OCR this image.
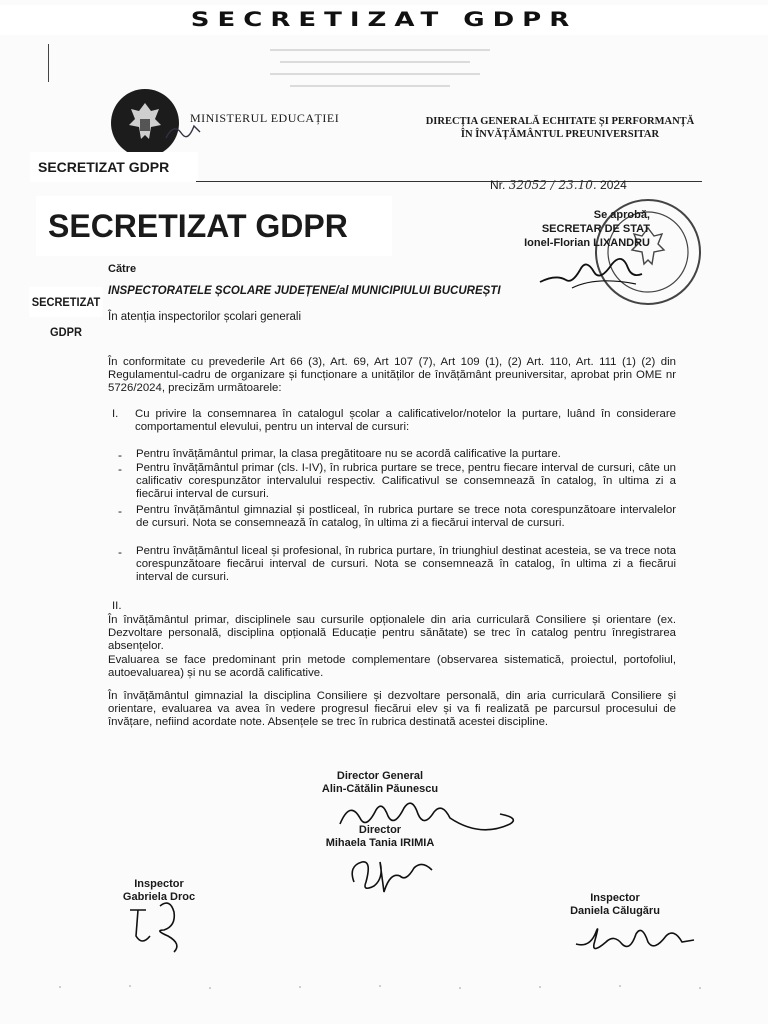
SECRETIZAT GDPR
MINISTERUL EDUCAȚIEI	DIRECȚIA GENERALĂ ECHITATE ȘI PERFORMANȚĂ
ÎN ÎNVĂȚĂMÂNTUL PREUNIVERSITAR
SECRETIZAT GDPR
Nr. 32052 / 23.10. 2024
SECRETIZAT GDPR	Se aprobă,
SECRETAR DE STAT
Ionel-Florian LIXANDRU
SECRETIZAT GDPR
Către
INSPECTORATELE ȘCOLARE JUDEȚENE/al MUNICIPIULUI BUCUREȘTI
În atenția inspectorilor școlari generali

În conformitate cu prevederile Art 66 (3), Art. 69, Art 107 (7), Art 109 (1), (2) Art. 110, Art. 111 (1) (2) din Regulamentul-cadru de organizare și funcționare a unităților de învățământ preuniversitar, aprobat prin OME nr 5726/2024, precizăm următoarele:

I. Cu privire la consemnarea în catalogul școlar a calificativelor/notelor la purtare, luând în considerare comportamentul elevului, pentru un interval de cursuri:
- Pentru învățământul primar, la clasa pregătitoare nu se acordă calificative la purtare.
- Pentru învățământul primar (cls. I-IV), în rubrica purtare se trece, pentru fiecare interval de cursuri, câte un calificativ corespunzător intervalului respectiv. Calificativul se consemnează în catalog, în ultima zi a fiecărui interval de cursuri.
- Pentru învățământul gimnazial și postliceal, în rubrica purtare se trece nota corespunzătoare intervalelor de cursuri. Nota se consemnează în catalog, în ultima zi a fiecărui interval de cursuri.
- Pentru învățământul liceal și profesional, în rubrica purtare, în triunghiul destinat acesteia, se va trece nota corespunzătoare fiecărui interval de cursuri. Nota se consemnează în catalog, în ultima zi a fiecărui interval de cursuri.
II.

În învățământul primar, disciplinele sau cursurile opționalele din aria curriculară Consiliere și orientare (ex. Dezvoltare personală, disciplina opțională Educație pentru sănătate) se trec în catalog pentru înregistrarea absențelor.

Evaluarea se face predominant prin metode complementare (observarea sistematică, proiectul, portofoliul, autoevaluarea) și nu se acordă calificative.

În învățământul gimnazial la disciplina Consiliere și dezvoltare personală, din aria curriculară Consiliere și orientare, evaluarea va avea în vedere progresul fiecărui elev și va fi realizată pe parcursul procesului de învățare, nefiind acordate note. Absențele se trec în rubrica destinată acestei discipline.

Director General
Alin-Cătălin Păunescu
Director
Mihaela Tania IRIMIA
Inspector
Gabriela Droc	Inspector
Daniela Călugăru
